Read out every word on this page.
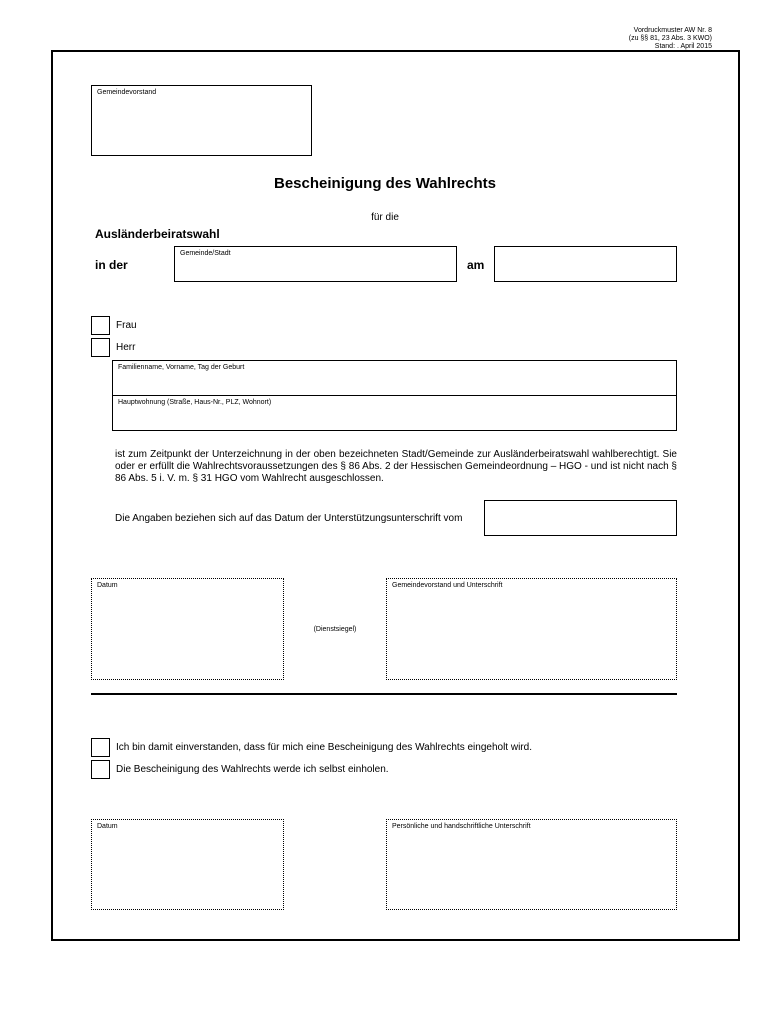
Vordruckmuster AW Nr. 8
(zu §§ 81, 23 Abs. 3 KWO)
Stand: . April 2015
Gemeindevorstand
Bescheinigung des Wahlrechts
für die
Ausländerbeiratswahl
in der
Gemeinde/Stadt
am
Frau
Herr
Familienname, Vorname, Tag der Geburt
Hauptwohnung (Straße, Haus-Nr., PLZ, Wohnort)
ist zum Zeitpunkt der Unterzeichnung in der oben bezeichneten Stadt/Gemeinde zur Ausländerbeiratswahl wahlberechtigt. Sie oder er erfüllt die Wahlrechtsvoraussetzungen des § 86 Abs. 2 der Hessischen Gemeindeordnung – HGO - und ist nicht nach § 86 Abs. 5 i. V. m. § 31 HGO vom Wahlrecht ausgeschlossen.
Die Angaben beziehen sich auf das Datum der Unterstützungsunterschrift vom
Datum
(Dienstsiegel)
Gemeindevorstand und Unterschrift
Ich bin damit einverstanden, dass für mich eine Bescheinigung des Wahlrechts eingeholt wird.
Die Bescheinigung des Wahlrechts werde ich selbst einholen.
Datum	Persönliche und handschriftliche Unterschrift
